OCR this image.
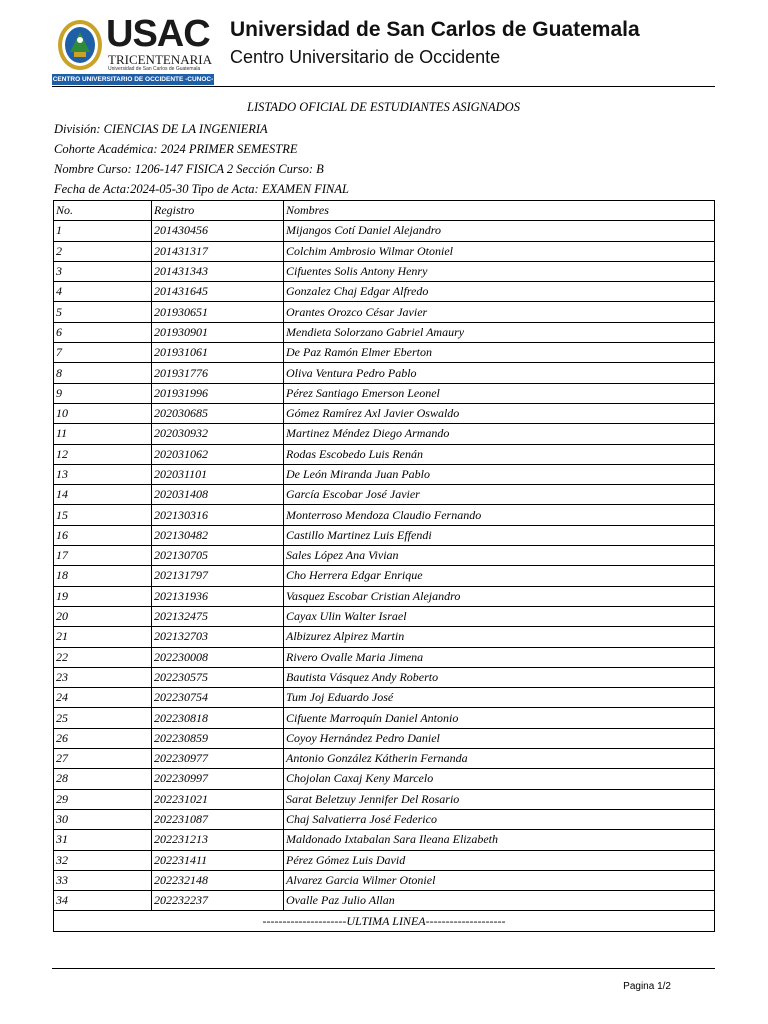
USAC
TRICENTENARIA
Universidad de San Carlos de Guatemala
CENTRO UNIVERSITARIO DE OCCIDENTE -CUNOC-
Universidad de San Carlos de Guatemala
Centro Universitario de Occidente
LISTADO OFICIAL DE ESTUDIANTES ASIGNADOS
División: CIENCIAS DE LA INGENIERIA
Cohorte Académica: 2024 PRIMER SEMESTRE
Nombre Curso: 1206-147 FISICA 2 Sección Curso: B
Fecha de Acta:2024-05-30 Tipo de Acta: EXAMEN FINAL
No.	Registro	Nombres
1	201430456	Mijangos Cotí Daniel Alejandro
2	201431317	Colchim Ambrosio Wilmar Otoniel
3	201431343	Cifuentes Solis Antony Henry
4	201431645	Gonzalez Chaj Edgar Alfredo
5	201930651	Orantes Orozco César Javier
6	201930901	Mendieta Solorzano Gabriel Amaury
7	201931061	De Paz Ramón Elmer Eberton
8	201931776	Oliva Ventura Pedro Pablo
9	201931996	Pérez Santiago Emerson Leonel
10	202030685	Gómez Ramírez Axl Javier Oswaldo
11	202030932	Martinez Méndez Diego Armando
12	202031062	Rodas Escobedo Luis Renán
13	202031101	De León Miranda Juan Pablo
14	202031408	García Escobar José Javier
15	202130316	Monterroso Mendoza Claudio Fernando
16	202130482	Castillo Martinez Luis Effendi
17	202130705	Sales López Ana Vivian
18	202131797	Cho Herrera Edgar Enrique
19	202131936	Vasquez Escobar Cristian Alejandro
20	202132475	Cayax Ulin Walter Israel
21	202132703	Albizurez Alpirez Martin
22	202230008	Rivero Ovalle Maria Jimena
23	202230575	Bautista Vásquez Andy Roberto
24	202230754	Tum Joj Eduardo José
25	202230818	Cifuente Marroquín Daniel Antonio
26	202230859	Coyoy Hernández Pedro Daniel
27	202230977	Antonio González Kátherin Fernanda
28	202230997	Chojolan Caxaj Keny Marcelo
29	202231021	Sarat Beletzuy Jennifer Del Rosario
30	202231087	Chaj Salvatierra José Federico
31	202231213	Maldonado Ixtabalan Sara Ileana Elizabeth
32	202231411	Pérez Gómez Luis David
33	202232148	Alvarez Garcia Wilmer Otoniel
34	202232237	Ovalle Paz Julio Allan
---------------------ULTIMA LINEA--------------------		
Pagina 1/2
